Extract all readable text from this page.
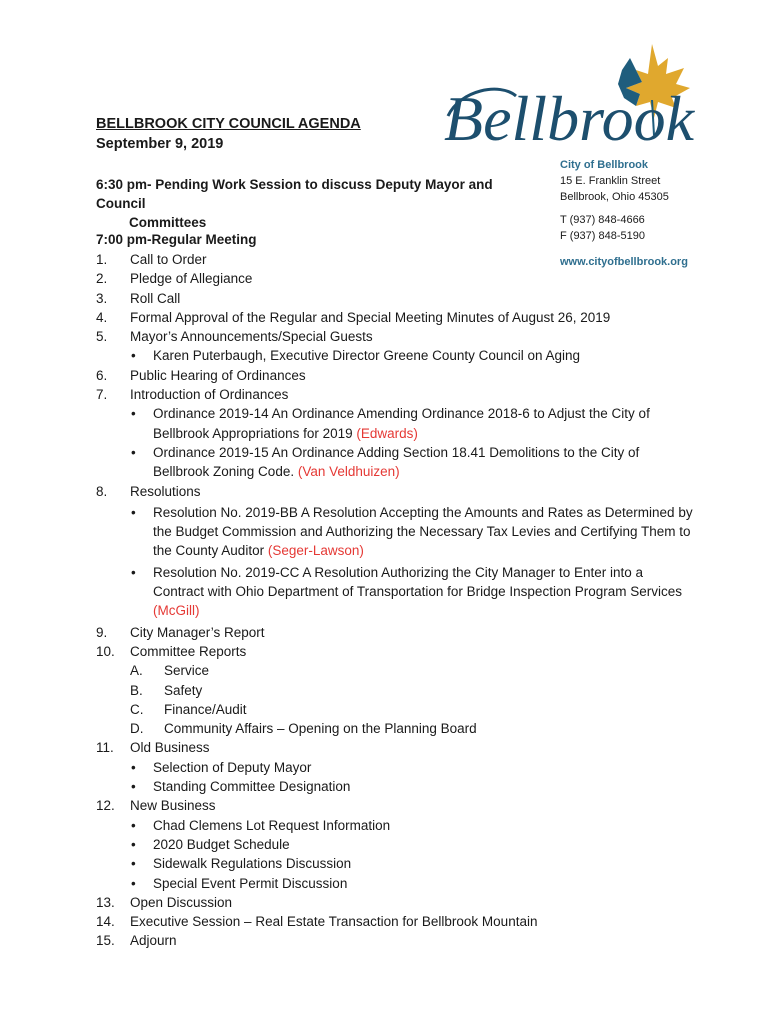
BELLBROOK CITY COUNCIL AGENDA
September 9, 2019	Bellbrook
City of Bellbrook
15 E. Franklin Street
Bellbrook, Ohio 45305
T (937) 848-4666
F (937) 848-5190
www.cityofbellbrook.org
6:30 pm- Pending Work Session to discuss Deputy Mayor and Council
Committees
7:00 pm-Regular Meeting
1.	Call to Order
2.	Pledge of Allegiance
3.	Roll Call
4.	Formal Approval of the Regular and Special Meeting Minutes of August 26, 2019
5.	Mayor’s Announcements/Special Guests
• Karen Puterbaugh, Executive Director Greene County Council on Aging
6.	Public Hearing of Ordinances
7.	Introduction of Ordinances
• Ordinance 2019-14 An Ordinance Amending Ordinance 2018-6 to Adjust the City of Bellbrook Appropriations for 2019 (Edwards)
• Ordinance 2019-15 An Ordinance Adding Section 18.41 Demolitions to the City of Bellbrook Zoning Code. (Van Veldhuizen)
8.	Resolutions
• Resolution No. 2019-BB A Resolution Accepting the Amounts and Rates as Determined by the Budget Commission and Authorizing the Necessary Tax Levies and Certifying Them to the County Auditor (Seger-Lawson)
• Resolution No. 2019-CC A Resolution Authorizing the City Manager to Enter into a Contract with Ohio Department of Transportation for Bridge Inspection Program Services (McGill)
9.	City Manager’s Report
10.	Committee Reports
A. Service
B. Safety
C. Finance/Audit
D. Community Affairs – Opening on the Planning Board
11.	Old Business
• Selection of Deputy Mayor
• Standing Committee Designation
12.	New Business
• Chad Clemens Lot Request Information
• 2020 Budget Schedule
• Sidewalk Regulations Discussion
• Special Event Permit Discussion
13.	Open Discussion
14.	Executive Session – Real Estate Transaction for Bellbrook Mountain
15.	Adjourn
